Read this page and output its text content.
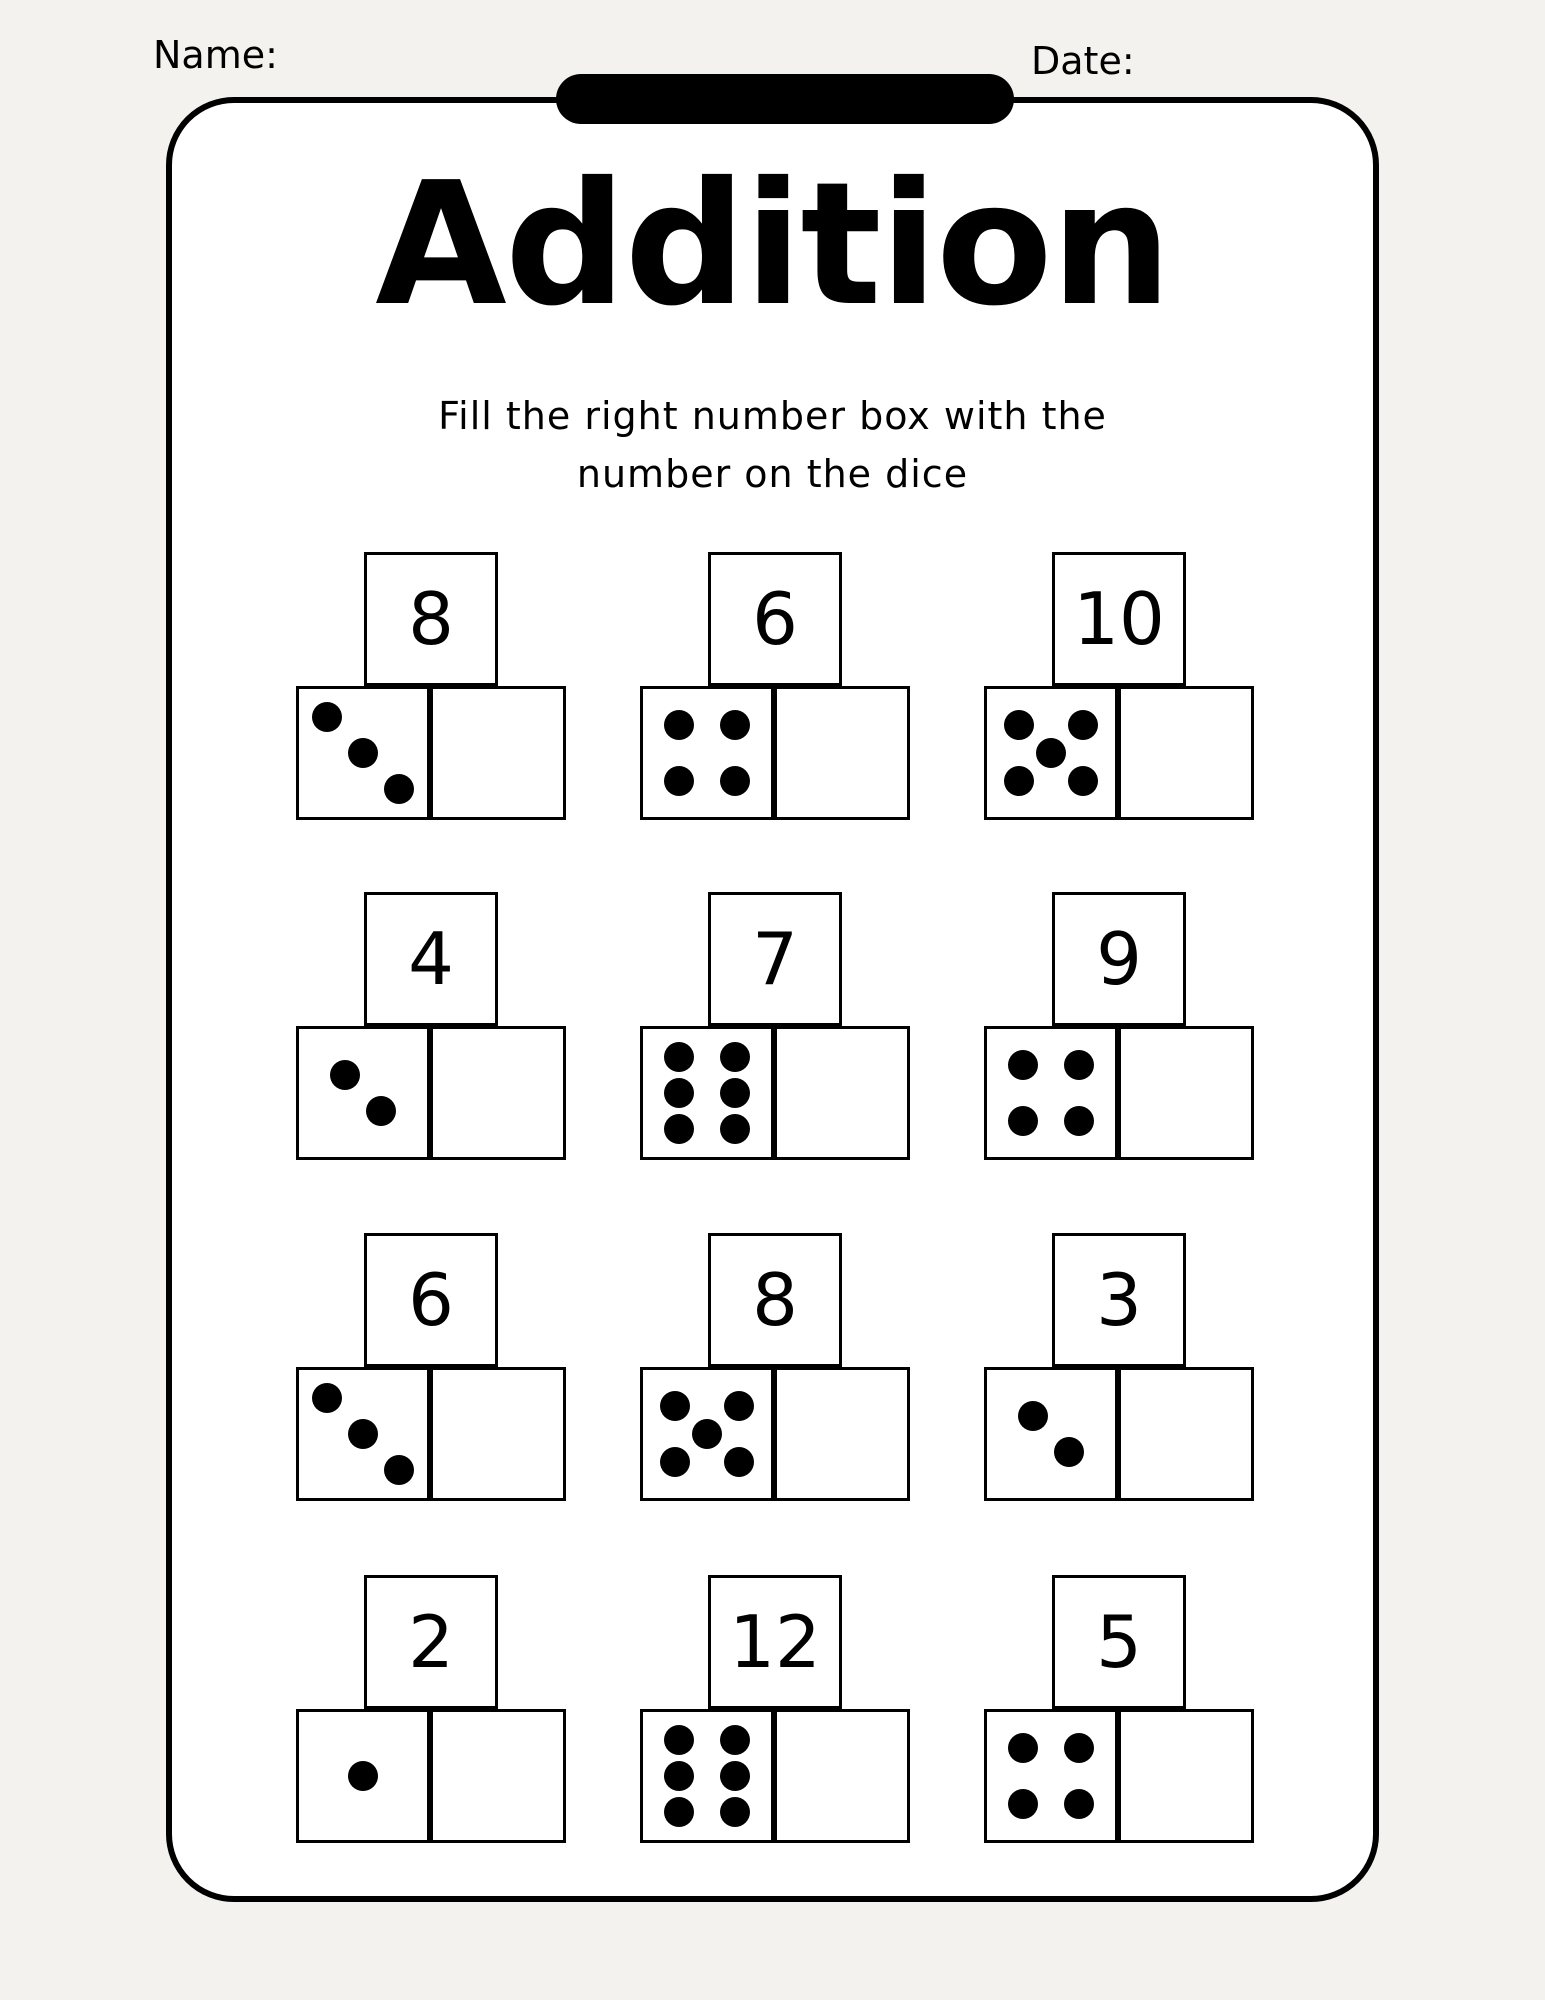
Name:	Date:
Addition
Fill the right number box with the
number on the dice
8	6	10
4	7	9
6	8	3
2	12	5
